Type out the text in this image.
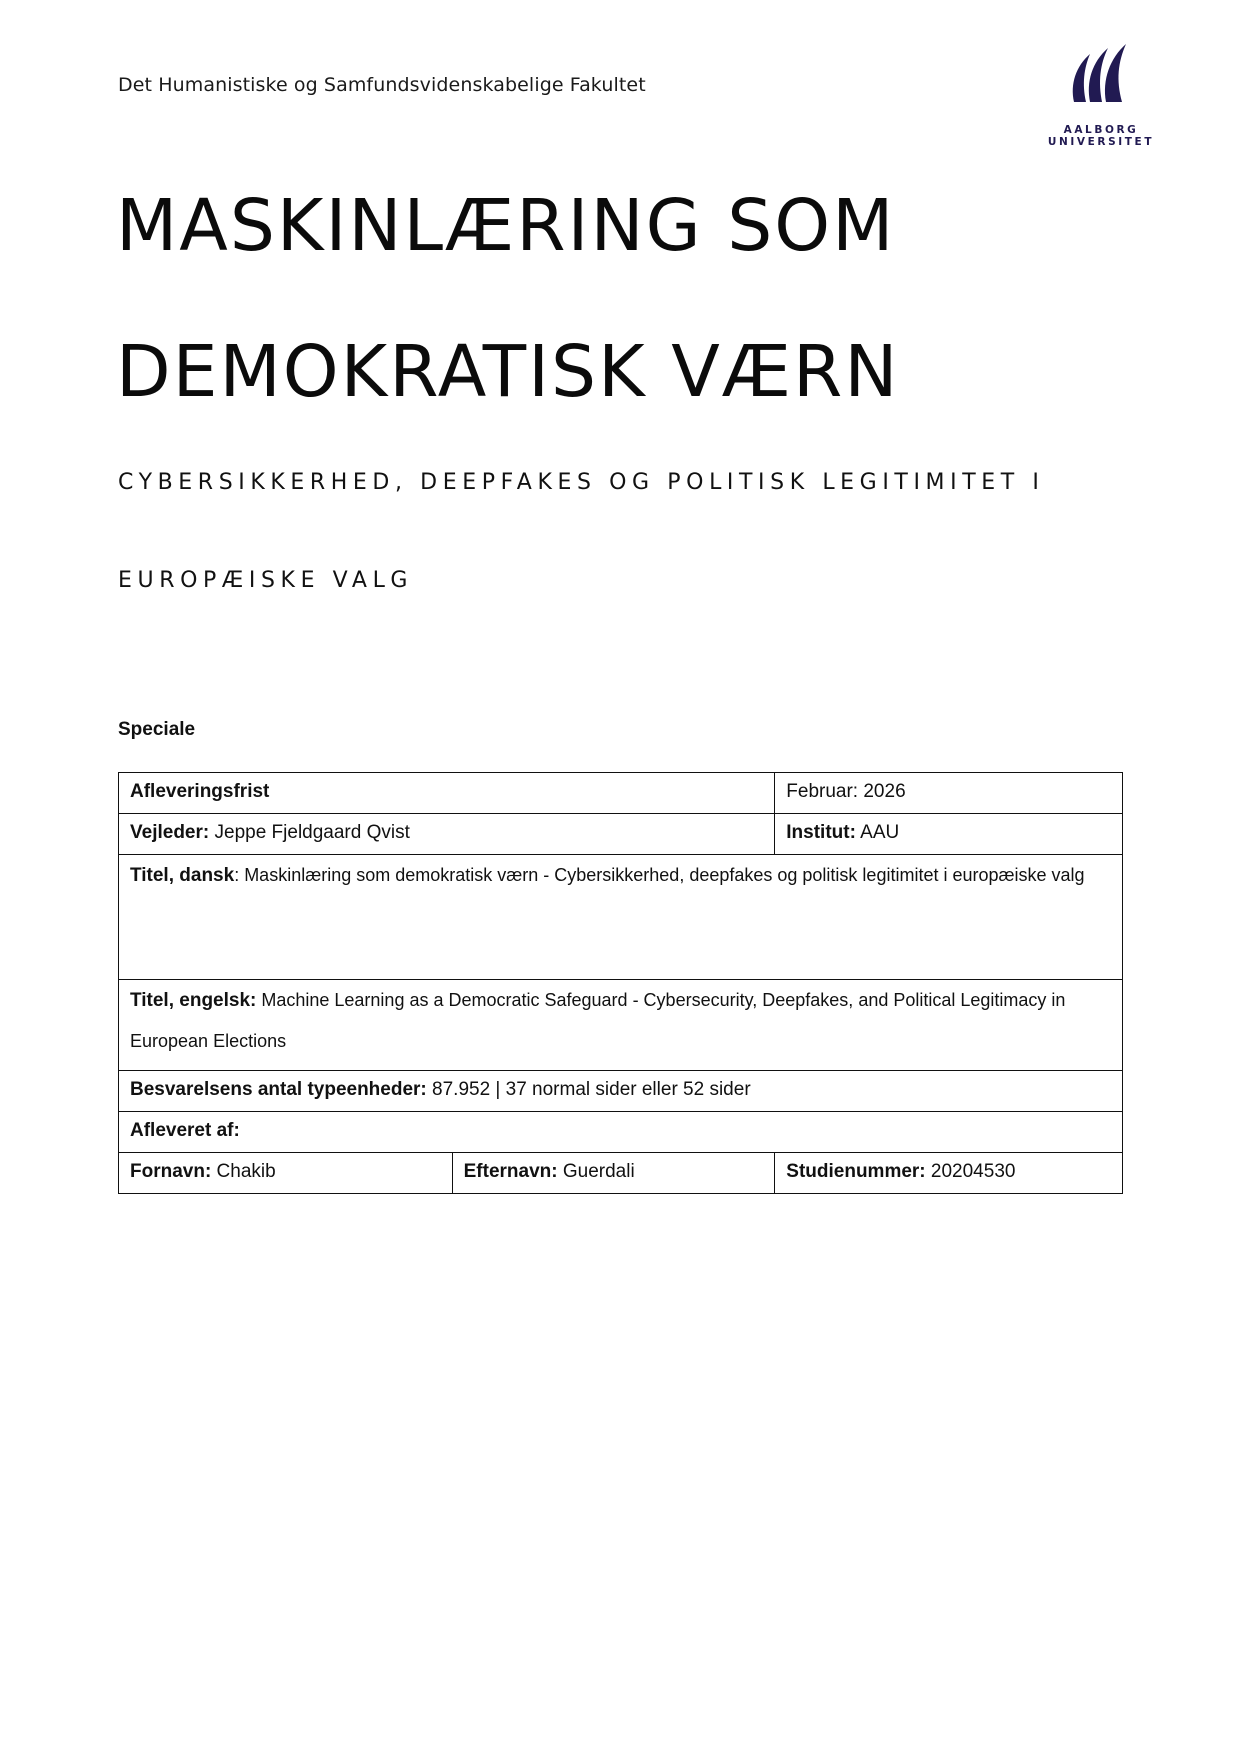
Det Humanistiske og Samfundsvidenskabelige Fakultet
AALBORG UNIVERSITET
MASKINLÆRING SOM
DEMOKRATISK VÆRN
CYBERSIKKERHED, DEEPFAKES OG POLITISK LEGITIMITET I
EUROPÆISKE VALG
Speciale
Afleveringsfrist		Februar: 2026
Vejleder: Jeppe Fjeldgaard Qvist		Institut: AAU
Titel, dansk: Maskinlæring som demokratisk værn - Cybersikkerhed, deepfakes og politisk legitimitet i europæiske valg		
Titel, engelsk: Machine Learning as a Democratic Safeguard - Cybersecurity, Deepfakes, and Political Legitimacy in European Elections		
Besvarelsens antal typeenheder: 87.952 | 37 normal sider eller 52 sider		
Afleveret af:		
Fornavn: Chakib	Efternavn: Guerdali	Studienummer: 20204530
